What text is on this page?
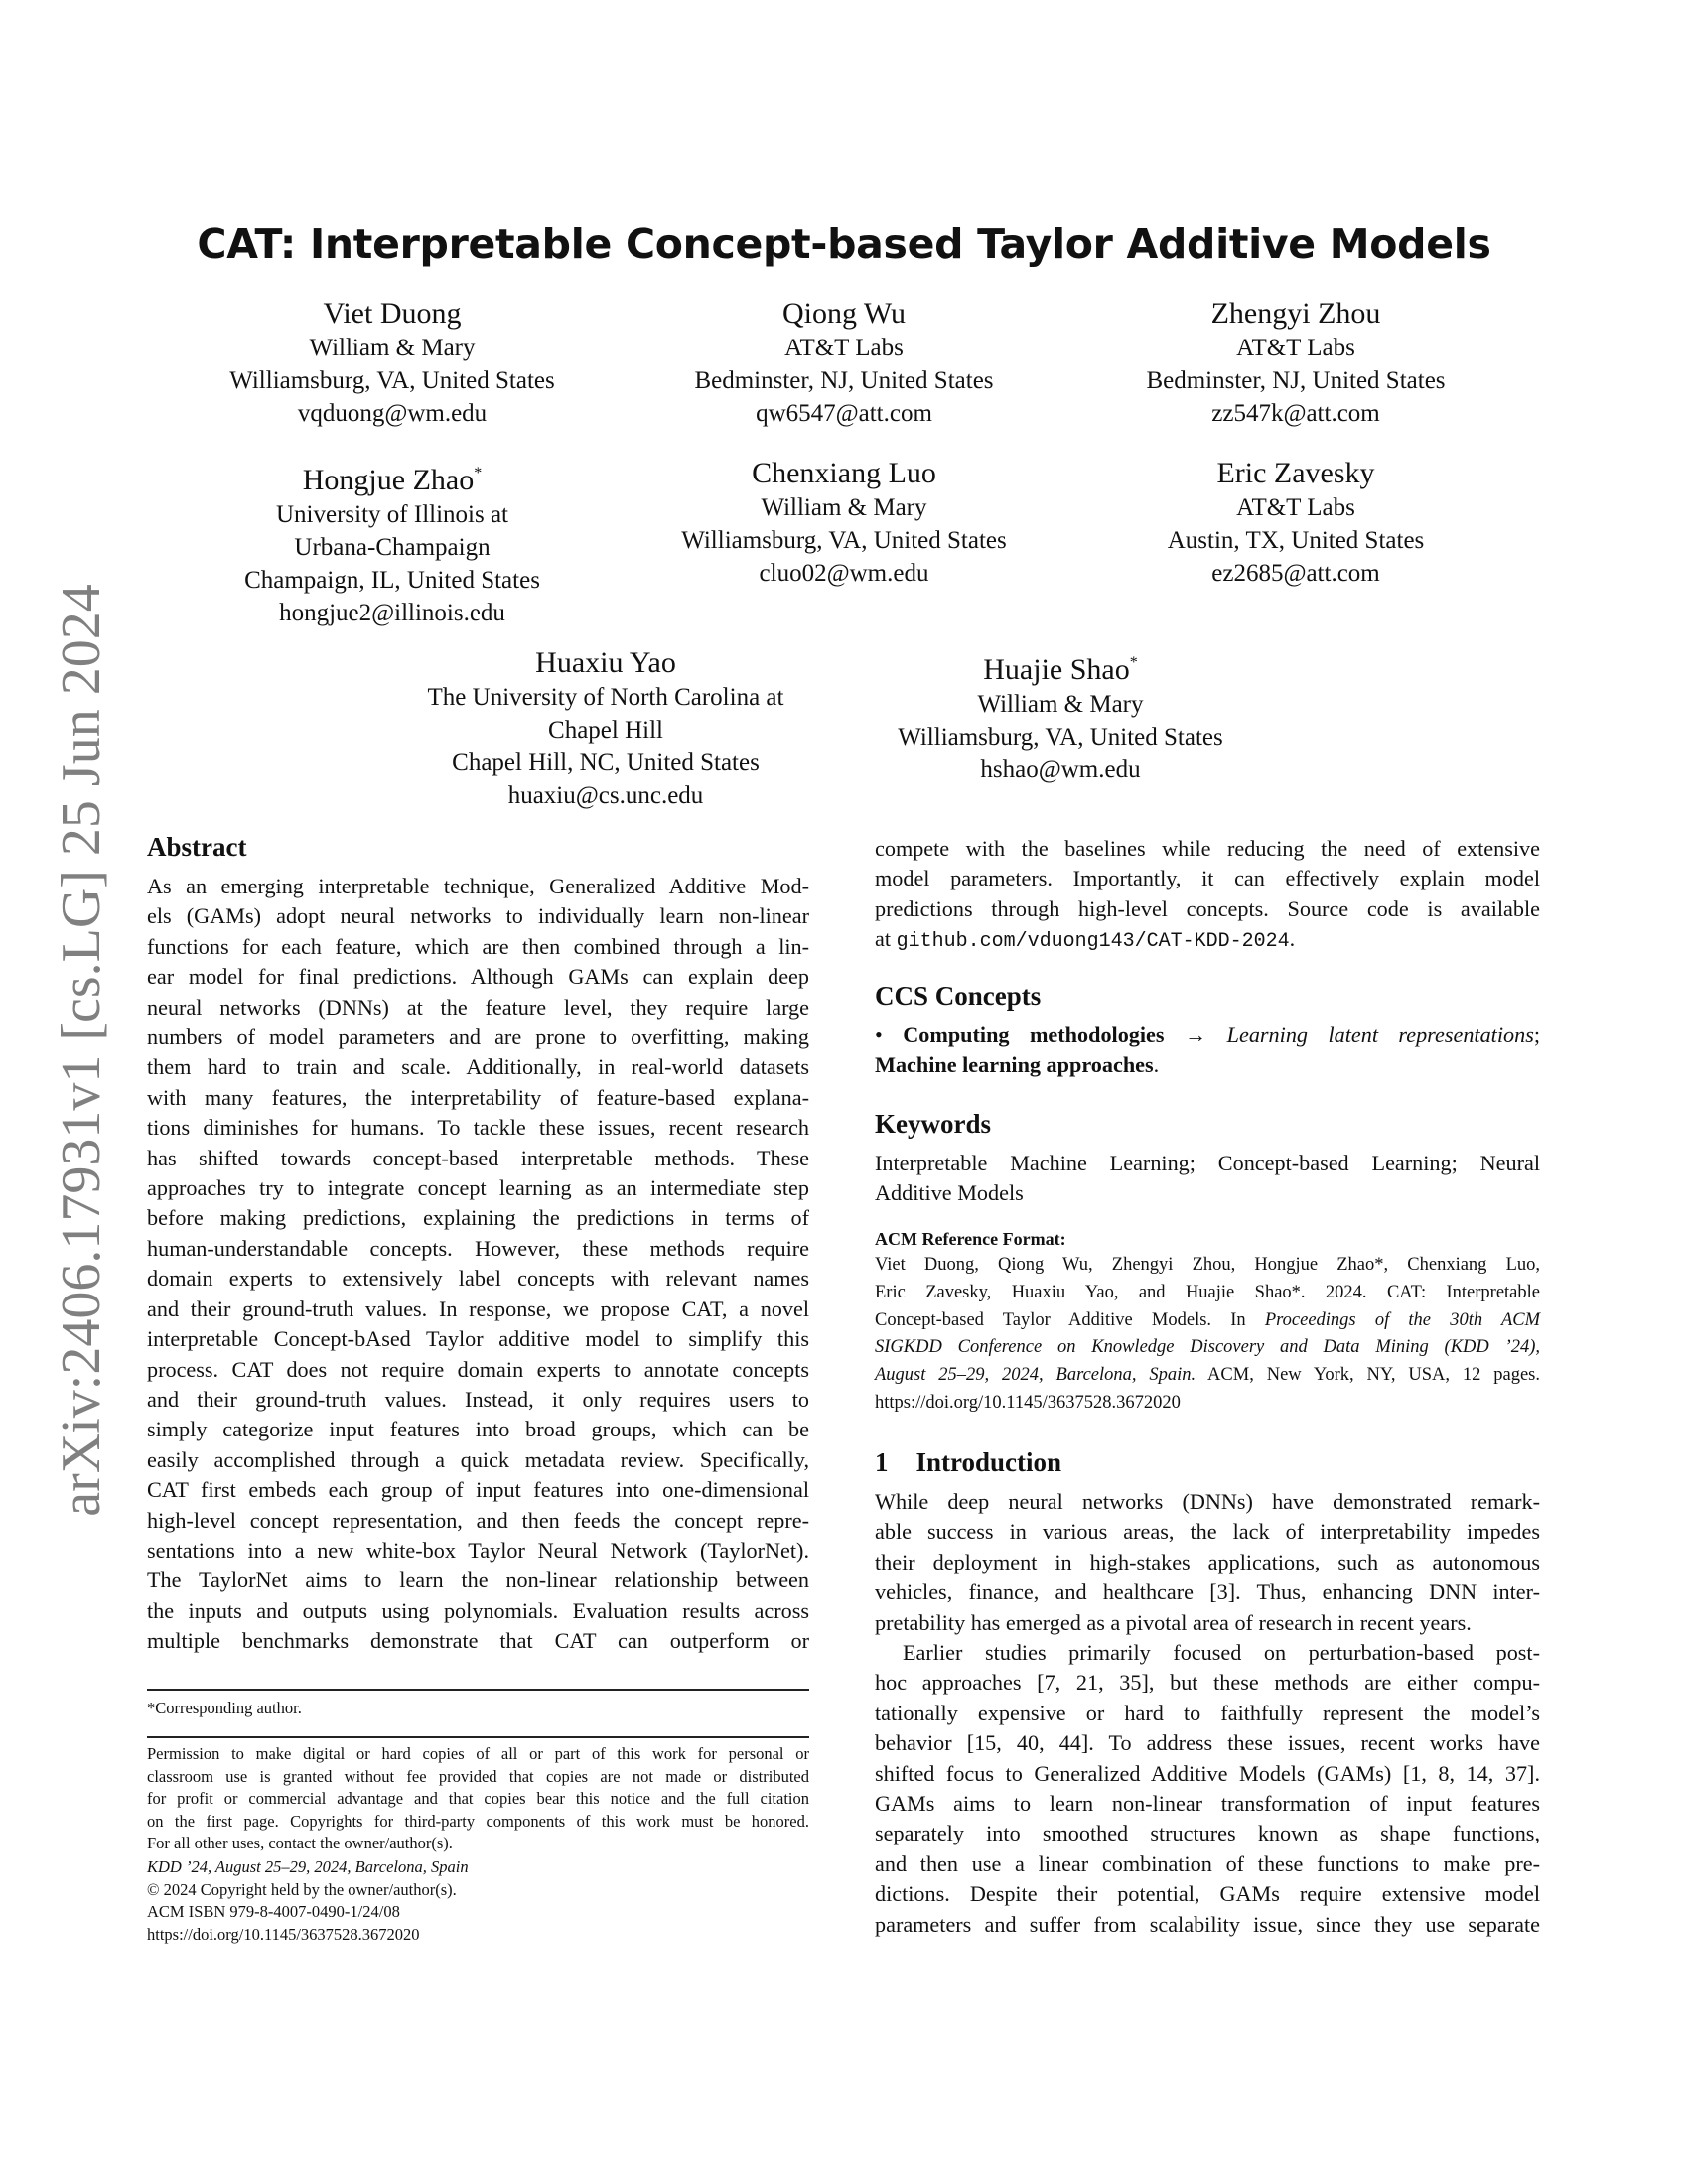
arXiv:2406.17931v1 [cs.LG] 25 Jun 2024
CAT: Interpretable Concept-based Taylor Additive Models
Viet Duong
William & Mary
Williamsburg, VA, United States
vqduong@wm.edu
Qiong Wu
AT&T Labs
Bedminster, NJ, United States
qw6547@att.com
Zhengyi Zhou
AT&T Labs
Bedminster, NJ, United States
zz547k@att.com
Hongjue Zhao*
University of Illinois at
Urbana-Champaign
Champaign, IL, United States
hongjue2@illinois.edu
Chenxiang Luo
William & Mary
Williamsburg, VA, United States
cluo02@wm.edu
Eric Zavesky
AT&T Labs
Austin, TX, United States
ez2685@att.com
Huaxiu Yao
The University of North Carolina at
Chapel Hill
Chapel Hill, NC, United States
huaxiu@cs.unc.edu
Huajie Shao*
William & Mary
Williamsburg, VA, United States
hshao@wm.edu
Abstract
As an emerging interpretable technique, Generalized Additive Mod-
els (GAMs) adopt neural networks to individually learn non-linear
functions for each feature, which are then combined through a lin-
ear model for final predictions. Although GAMs can explain deep
neural networks (DNNs) at the feature level, they require large
numbers of model parameters and are prone to overfitting, making
them hard to train and scale. Additionally, in real-world datasets
with many features, the interpretability of feature-based explana-
tions diminishes for humans. To tackle these issues, recent research
has shifted towards concept-based interpretable methods. These
approaches try to integrate concept learning as an intermediate step
before making predictions, explaining the predictions in terms of
human-understandable concepts. However, these methods require
domain experts to extensively label concepts with relevant names
and their ground-truth values. In response, we propose CAT, a novel
interpretable Concept-bAsed Taylor additive model to simplify this
process. CAT does not require domain experts to annotate concepts
and their ground-truth values. Instead, it only requires users to
simply categorize input features into broad groups, which can be
easily accomplished through a quick metadata review. Specifically,
CAT first embeds each group of input features into one-dimensional
high-level concept representation, and then feeds the concept repre-
sentations into a new white-box Taylor Neural Network (TaylorNet).
The TaylorNet aims to learn the non-linear relationship between
the inputs and outputs using polynomials. Evaluation results across
multiple benchmarks demonstrate that CAT can outperform or
compete with the baselines while reducing the need of extensive
model parameters. Importantly, it can effectively explain model
predictions through high-level concepts. Source code is available
at github.com/vduong143/CAT-KDD-2024.
CCS Concepts
• Computing methodologies → Learning latent representations;
Machine learning approaches.
Keywords
Interpretable Machine Learning; Concept-based Learning; Neural
Additive Models
ACM Reference Format:
Viet Duong, Qiong Wu, Zhengyi Zhou, Hongjue Zhao*, Chenxiang Luo,
Eric Zavesky, Huaxiu Yao, and Huajie Shao*. 2024. CAT: Interpretable
Concept-based Taylor Additive Models. In Proceedings of the 30th ACM
SIGKDD Conference on Knowledge Discovery and Data Mining (KDD ’24),
August 25–29, 2024, Barcelona, Spain. ACM, New York, NY, USA, 12 pages.
https://doi.org/10.1145/3637528.3672020
1 Introduction
While deep neural networks (DNNs) have demonstrated remark-
able success in various areas, the lack of interpretability impedes
their deployment in high-stakes applications, such as autonomous
vehicles, finance, and healthcare [3]. Thus, enhancing DNN inter-
pretability has emerged as a pivotal area of research in recent years.
Earlier studies primarily focused on perturbation-based post-
hoc approaches [7, 21, 35], but these methods are either compu-
tationally expensive or hard to faithfully represent the model’s
behavior [15, 40, 44]. To address these issues, recent works have
shifted focus to Generalized Additive Models (GAMs) [1, 8, 14, 37].
GAMs aims to learn non-linear transformation of input features
separately into smoothed structures known as shape functions,
and then use a linear combination of these functions to make pre-
dictions. Despite their potential, GAMs require extensive model
parameters and suffer from scalability issue, since they use separate
*Corresponding author.
Permission to make digital or hard copies of all or part of this work for personal or
classroom use is granted without fee provided that copies are not made or distributed
for profit or commercial advantage and that copies bear this notice and the full citation
on the first page. Copyrights for third-party components of this work must be honored.
For all other uses, contact the owner/author(s).
KDD ’24, August 25–29, 2024, Barcelona, Spain
© 2024 Copyright held by the owner/author(s).
ACM ISBN 979-8-4007-0490-1/24/08
https://doi.org/10.1145/3637528.3672020
